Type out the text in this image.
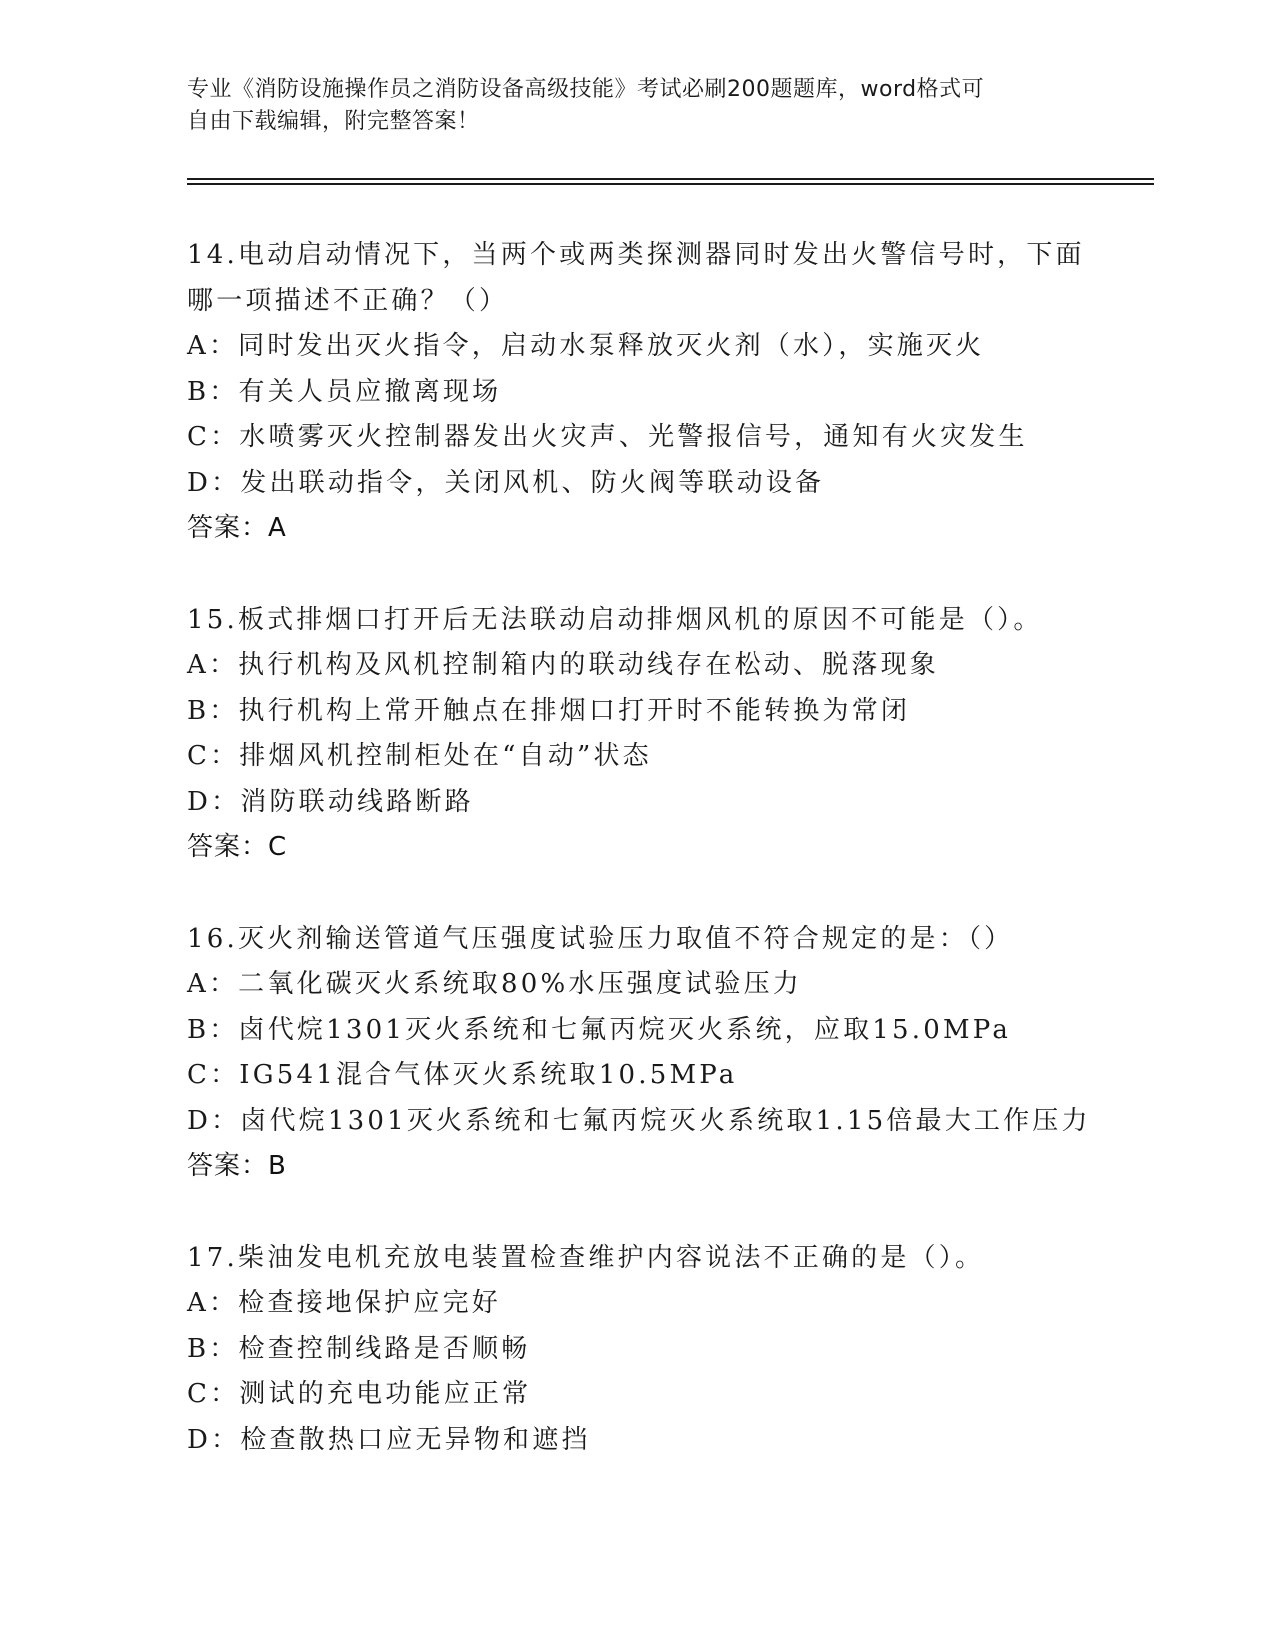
专业《消防设施操作员之消防设备高级技能》考试必刷200题题库，word格式可
自由下载编辑，附完整答案！
14.电动启动情况下，当两个或两类探测器同时发出火警信号时，下面哪一项描述不正确？（）
A：同时发出灭火指令，启动水泵释放灭火剂（水），实施灭火
B：有关人员应撤离现场
C：水喷雾灭火控制器发出火灾声、光警报信号，通知有火灾发生
D：发出联动指令，关闭风机、防火阀等联动设备
答案：A
15.板式排烟口打开后无法联动启动排烟风机的原因不可能是（）。
A：执行机构及风机控制箱内的联动线存在松动、脱落现象
B：执行机构上常开触点在排烟口打开时不能转换为常闭
C：排烟风机控制柜处在“自动”状态
D：消防联动线路断路
答案：C
16.灭火剂输送管道气压强度试验压力取值不符合规定的是：（）
A：二氧化碳灭火系统取80%水压强度试验压力
B：卤代烷1301灭火系统和七氟丙烷灭火系统，应取15.0MPa
C：IG541混合气体灭火系统取10.5MPa
D：卤代烷1301灭火系统和七氟丙烷灭火系统取1.15倍最大工作压力
答案：B
17.柴油发电机充放电装置检查维护内容说法不正确的是（）。
A：检查接地保护应完好
B：检查控制线路是否顺畅
C：测试的充电功能应正常
D：检查散热口应无异物和遮挡
